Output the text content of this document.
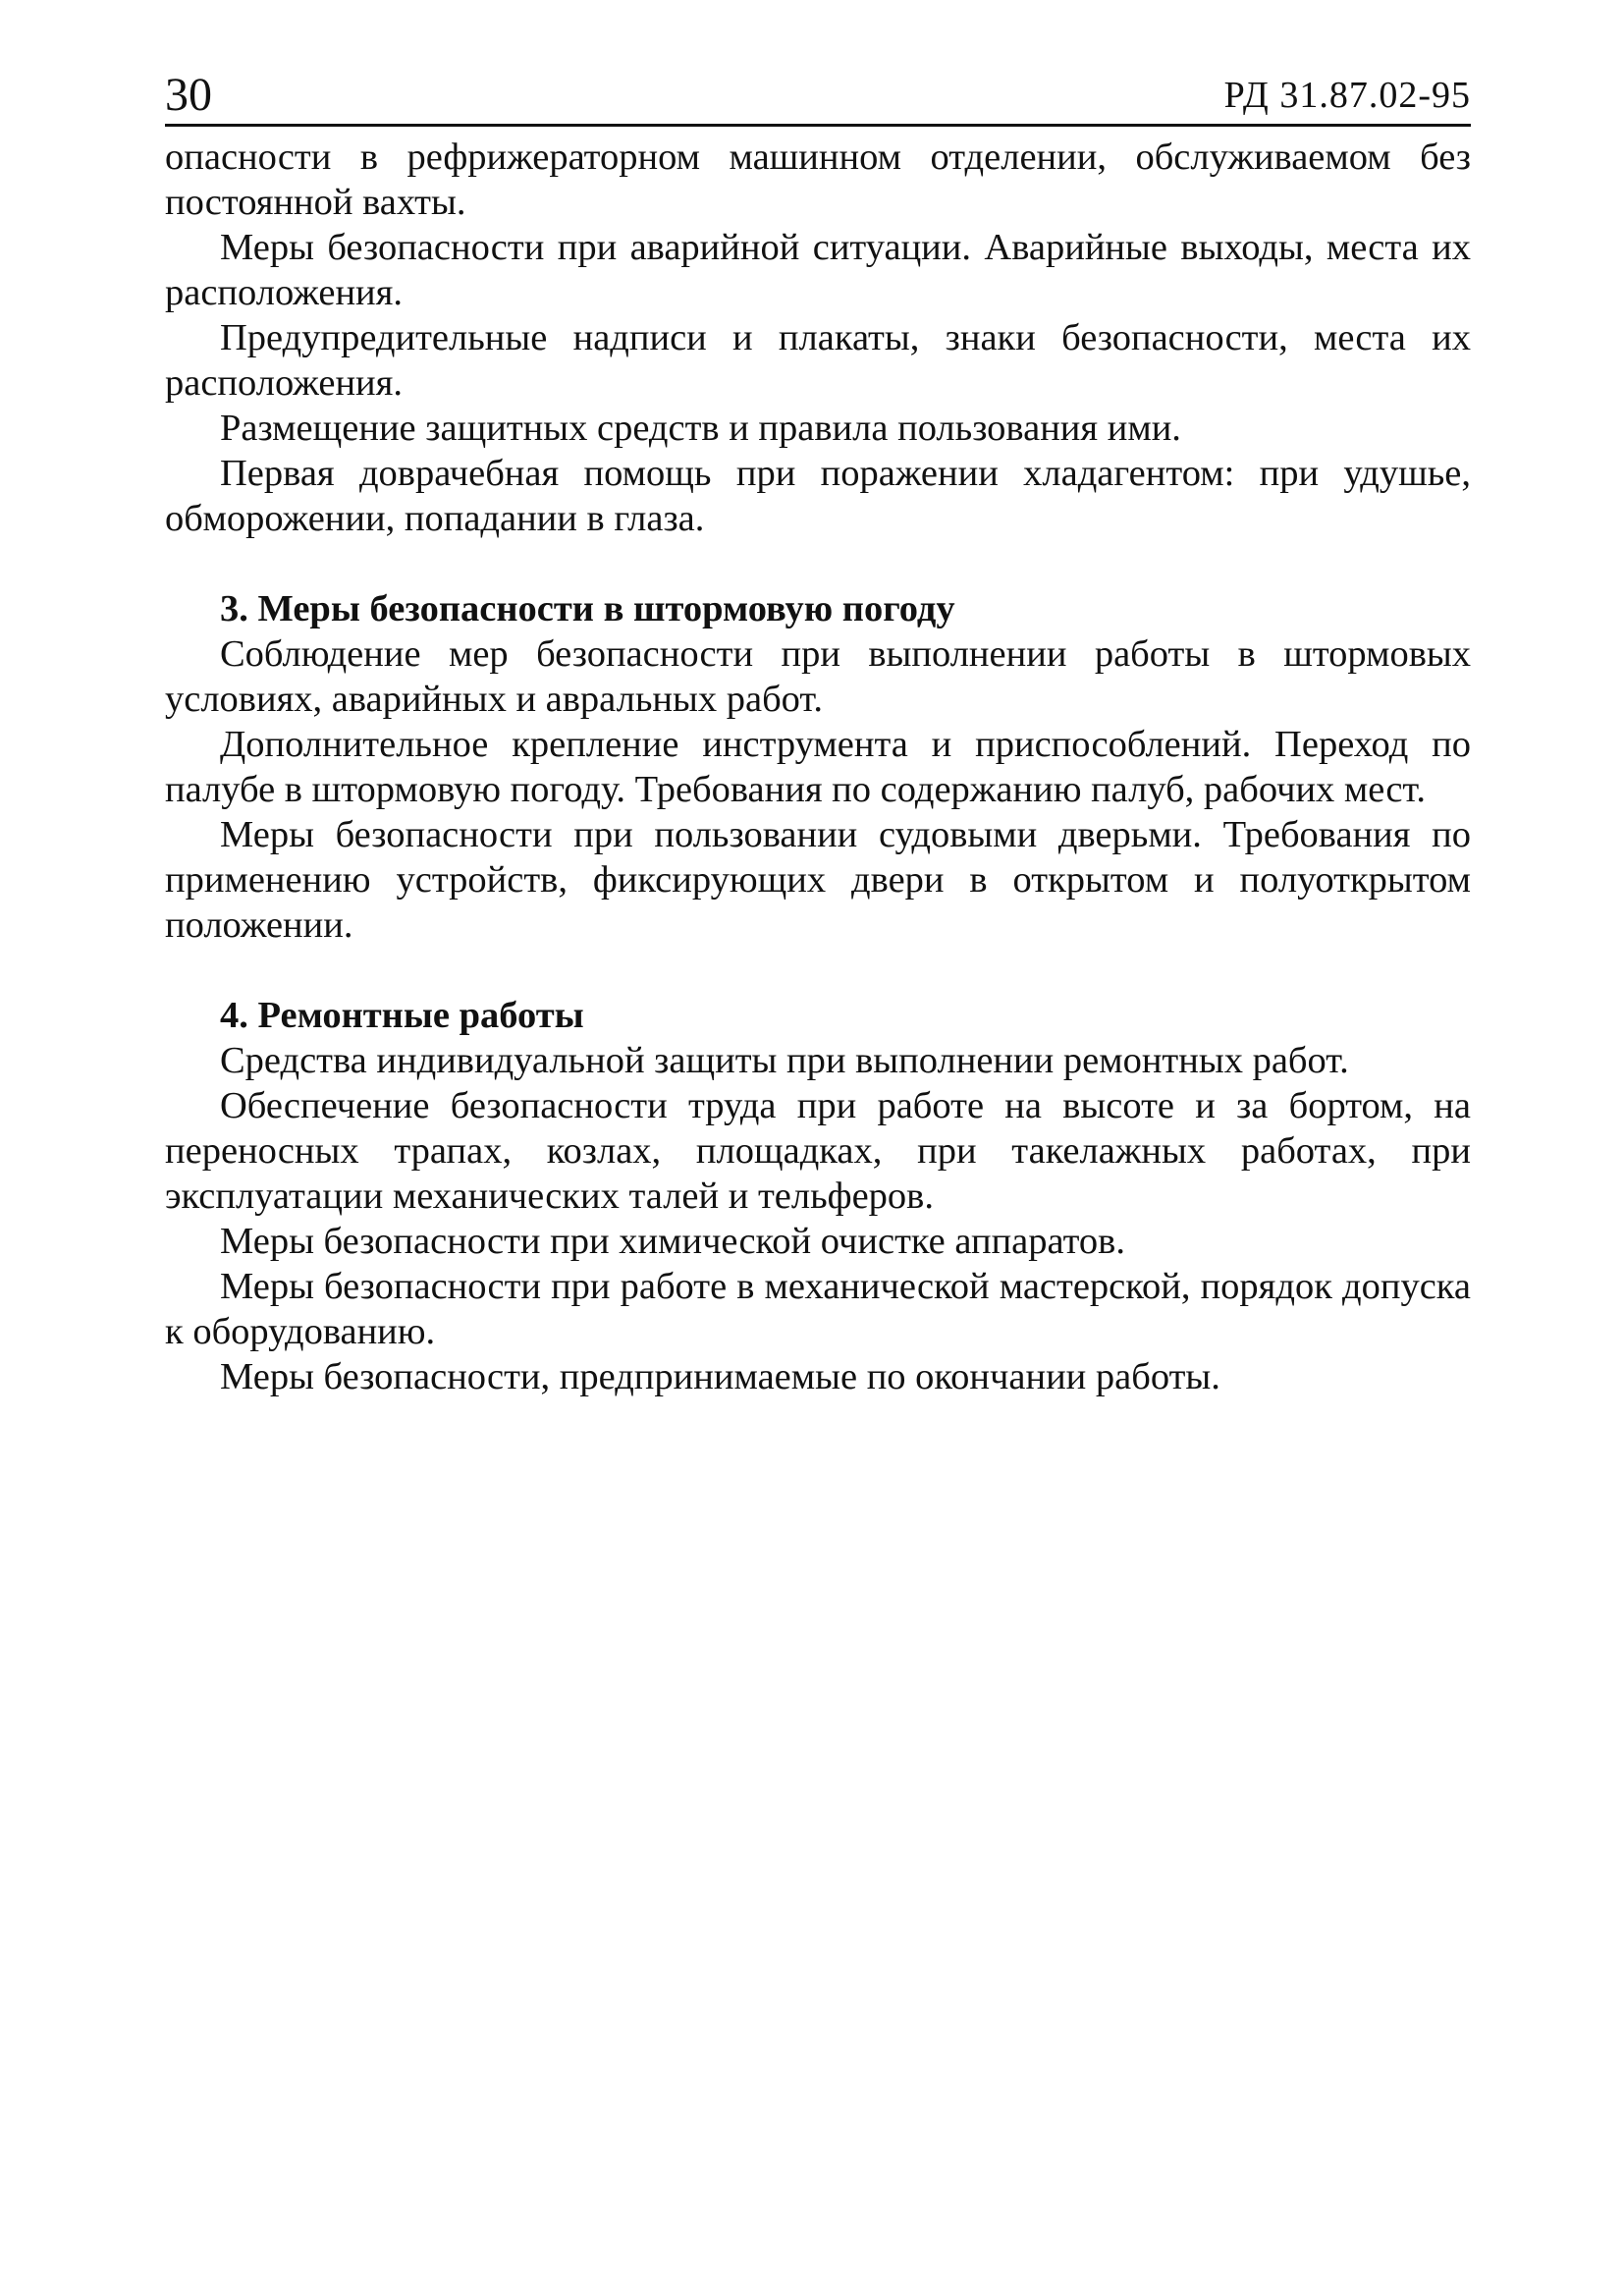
30	РД 31.87.02-95

опасности в рефрижераторном машинном отделении, обслуживаемом без постоянной вахты.

Меры безопасности при аварийной ситуации. Аварийные выходы, места их расположения.

Предупредительные надписи и плакаты, знаки безопасности, места их расположения.

Размещение защитных средств и правила пользования ими.

Первая доврачебная помощь при поражении хладагентом: при удушье, обморожении, попадании в глаза.

3. Меры безопасности в штормовую погоду

Соблюдение мер безопасности при выполнении работы в штормовых условиях, аварийных и авральных работ.

Дополнительное крепление инструмента и приспособлений. Переход по палубе в штормовую погоду. Требования по содержанию палуб, рабочих мест.

Меры безопасности при пользовании судовыми дверьми. Требования по применению устройств, фиксирующих двери в открытом и полуоткрытом положении.

4. Ремонтные работы

Средства индивидуальной защиты при выполнении ремонтных работ.

Обеспечение безопасности труда при работе на высоте и за бортом, на переносных трапах, козлах, площадках, при такелажных работах, при эксплуатации механических талей и тельферов.

Меры безопасности при химической очистке аппаратов.

Меры безопасности при работе в механической мастерской, порядок допуска к оборудованию.

Меры безопасности, предпринимаемые по окончании работы.
